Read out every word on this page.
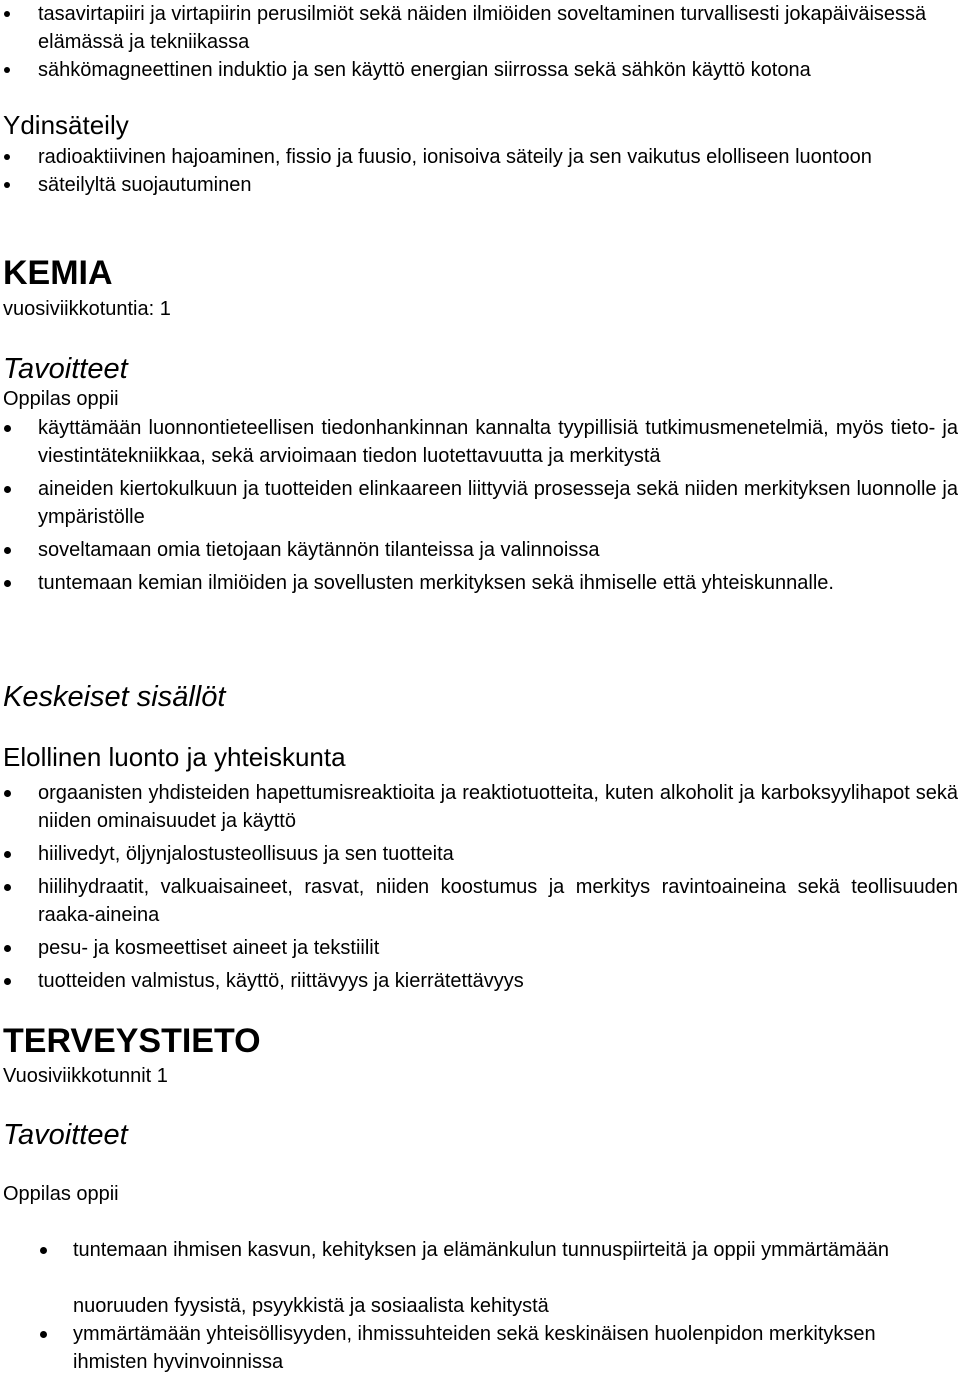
tasavirtapiiri ja virtapiirin perusilmiöt sekä näiden ilmiöiden soveltaminen turvallisesti jokapäiväisessä elämässä ja tekniikassa
sähkömagneettinen induktio ja sen käyttö energian siirrossa sekä sähkön käyttö kotona
Ydinsäteily
radioaktiivinen hajoaminen, fissio ja fuusio, ionisoiva säteily ja sen vaikutus elolliseen luontoon
säteilyltä suojautuminen
KEMIA
vuosiviikkotuntia: 1
Tavoitteet
Oppilas oppii
käyttämään luonnontieteellisen tiedonhankinnan kannalta tyypillisiä tutkimusmenetelmiä, myös tieto- ja viestintätekniikkaa, sekä arvioimaan tiedon luotettavuutta ja merkitystä
aineiden kiertokulkuun ja tuotteiden elinkaareen liittyviä prosesseja sekä niiden merkityksen luonnolle ja ympäristölle
soveltamaan omia tietojaan käytännön tilanteissa ja valinnoissa
tuntemaan kemian ilmiöiden ja sovellusten merkityksen sekä ihmiselle että yhteiskunnalle.
Keskeiset sisällöt
Elollinen luonto ja yhteiskunta
orgaanisten yhdisteiden hapettumisreaktioita ja reaktiotuotteita, kuten alkoholit ja karboksyylihapot sekä niiden ominaisuudet ja käyttö
hiilivedyt, öljynjalostusteollisuus ja sen tuotteita
hiilihydraatit, valkuaisaineet, rasvat, niiden koostumus ja merkitys ravintoaineina sekä teollisuuden raaka-aineina
pesu- ja kosmeettiset aineet ja tekstiilit
tuotteiden valmistus, käyttö, riittävyys ja kierrätettävyys
TERVEYSTIETO
Vuosiviikkotunnit 1
Tavoitteet
Oppilas oppii
tuntemaan ihmisen kasvun, kehityksen ja elämänkulun tunnuspiirteitä ja oppii ymmärtämään
nuoruuden fyysistä, psyykkistä ja sosiaalista kehitystä
ymmärtämään yhteisöllisyyden, ihmissuhteiden sekä keskinäisen huolenpidon merkityksen ihmisten hyvinvoinnissa
